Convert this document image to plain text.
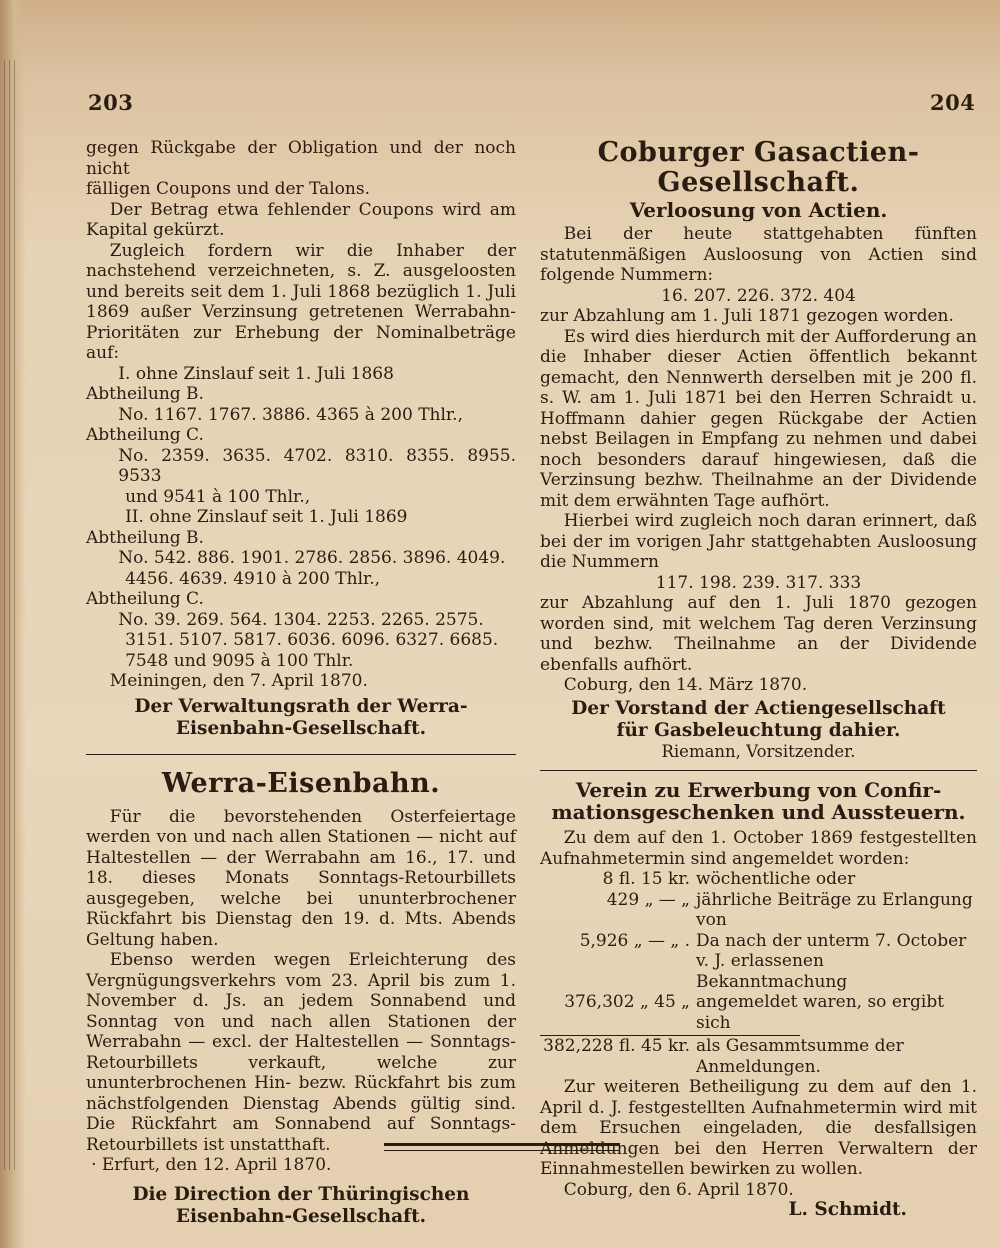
203	204

gegen Rückgabe der Obligation und der noch nicht

fälligen Coupons und der Talons.

Der Betrag etwa fehlender Coupons wird am Kapital gekürzt.

Zugleich fordern wir die Inhaber der nachstehend verzeichneten, s. Z. ausgeloosten und bereits seit dem 1. Juli 1868 bezüglich 1. Juli 1869 außer Verzinsung getretenen Werrabahn-Prioritäten zur Erhebung der Nominalbeträge auf:

I. ohne Zinslauf seit 1. Juli 1868

Abtheilung B.

No. 1167. 1767. 3886. 4365 à 200 Thlr.,

Abtheilung C.

No. 2359. 3635. 4702. 8310. 8355. 8955. 9533

und 9541 à 100 Thlr.,

II. ohne Zinslauf seit 1. Juli 1869

Abtheilung B.

No. 542. 886. 1901. 2786. 2856. 3896. 4049.

4456. 4639. 4910 à 200 Thlr.,

Abtheilung C.

No. 39. 269. 564. 1304. 2253. 2265. 2575.

3151. 5107. 5817. 6036. 6096. 6327. 6685.

7548 und 9095 à 100 Thlr.

Meiningen, den 7. April 1870.

Der Verwaltungsrath der Werra-
Eisenbahn-Gesellschaft.

Werra-Eisenbahn.

Für die bevorstehenden Osterfeiertage werden von und nach allen Stationen — nicht auf Haltestellen — der Werrabahn am 16., 17. und 18. dieses Monats Sonntags-Retourbillets ausgegeben, welche bei ununterbrochener Rückfahrt bis Dienstag den 19. d. Mts. Abends Geltung haben.

Ebenso werden wegen Erleichterung des Vergnügungsverkehrs vom 23. April bis zum 1. November d. Js. an jedem Sonnabend und Sonntag von und nach allen Stationen der Werrabahn — excl. der Haltestellen — Sonntags-Retourbillets verkauft, welche zur ununterbrochenen Hin- bezw. Rückfahrt bis zum nächstfolgenden Dienstag Abends gültig sind. Die Rückfahrt am Sonnabend auf Sonntags-Retourbillets ist unstatthaft.

· Erfurt, den 12. April 1870.

Die Direction der Thüringischen
Eisenbahn-Gesellschaft.

Coburger Gasactien-Gesellschaft.

Verloosung von Actien.

Bei der heute stattgehabten fünften statutenmäßigen Ausloosung von Actien sind folgende Nummern:

16. 207. 226. 372. 404

zur Abzahlung am 1. Juli 1871 gezogen worden.

Es wird dies hierdurch mit der Aufforderung an die Inhaber dieser Actien öffentlich bekannt gemacht, den Nennwerth derselben mit je 200 fl. s. W. am 1. Juli 1871 bei den Herren Schraidt u. Hoffmann dahier gegen Rückgabe der Actien nebst Beilagen in Empfang zu nehmen und dabei noch besonders darauf hingewiesen, daß die Verzinsung bezhw. Theilnahme an der Dividende mit dem erwähnten Tage aufhört.

Hierbei wird zugleich noch daran erinnert, daß bei der im vorigen Jahr stattgehabten Ausloosung die Nummern

117. 198. 239. 317. 333

zur Abzahlung auf den 1. Juli 1870 gezogen worden sind, mit welchem Tag deren Verzinsung und bezhw. Theilnahme an der Dividende ebenfalls aufhört.

Coburg, den 14. März 1870.

Der Vorstand der Actiengesellschaft
für Gasbeleuchtung dahier.

Riemann, Vorsitzender.

Verein zu Erwerbung von Confir-
mationsgeschenken und Aussteuern.

Zu dem auf den 1. October 1869 festgestellten Aufnahmetermin sind angemeldet worden:

8 fl. 15 kr. wöchentliche oder
429 „ — „ jährliche Beiträge zu Erlangung von
5,926 „ — „ . Da nach der unterm 7. October v. J. erlassenen Bekanntmachung
376,302 „ 45 „ angemeldet waren, so ergibt sich
382,228 fl. 45 kr. als Gesammtsumme der Anmeldungen.

Zur weiteren Betheiligung zu dem auf den 1. April d. J. festgestellten Aufnahmetermin wird mit dem Ersuchen eingeladen, die desfallsigen Anmeldungen bei den Herren Verwaltern der Einnahmestellen bewirken zu wollen.

Coburg, den 6. April 1870.

L. Schmidt.
